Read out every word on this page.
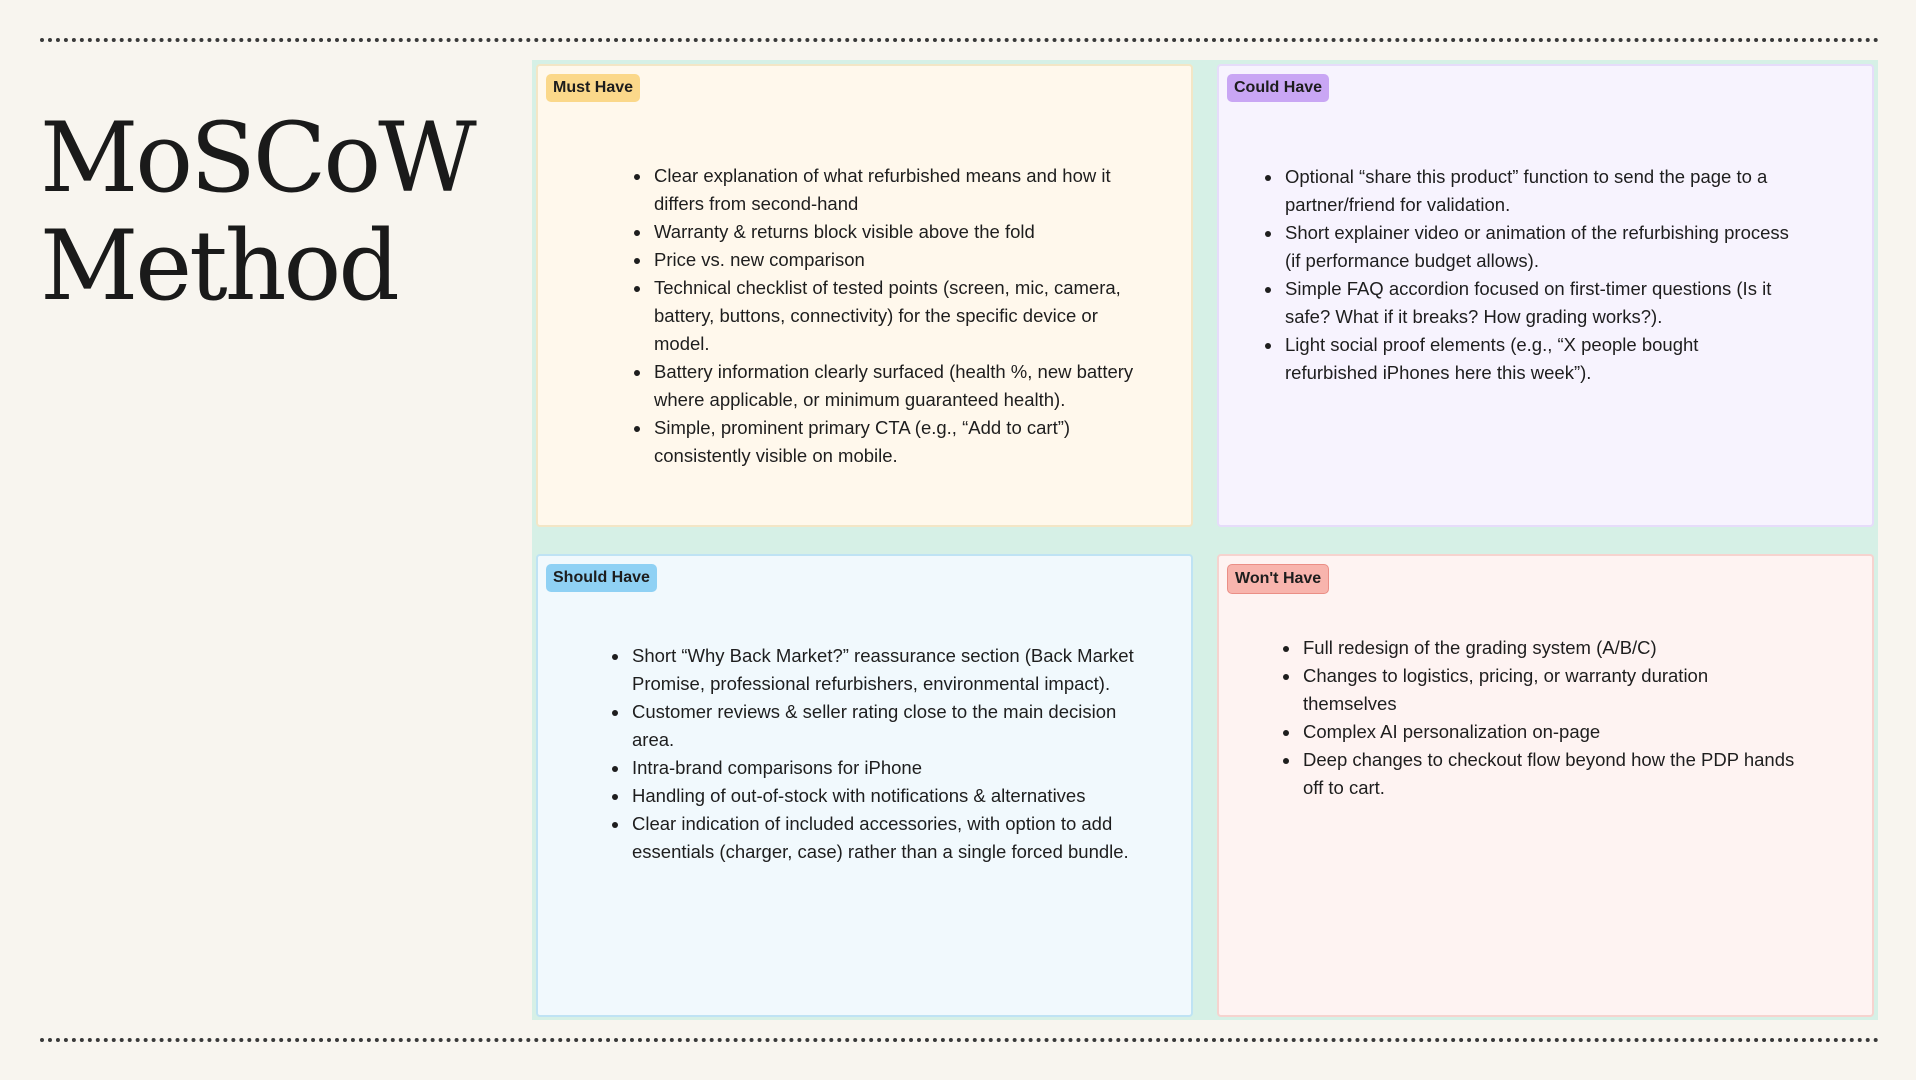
MoSCoW
Method
Must Have
• Clear explanation of what refurbished means and how it differs from second-hand
• Warranty & returns block visible above the fold
• Price vs. new comparison
• Technical checklist of tested points (screen, mic, camera, battery, buttons, connectivity) for the specific device or model.
• Battery information clearly surfaced (health %, new battery where applicable, or minimum guaranteed health).
• Simple, prominent primary CTA (e.g., “Add to cart”) consistently visible on mobile.
Could Have
• Optional “share this product” function to send the page to a partner/friend for validation.
• Short explainer video or animation of the refurbishing process (if performance budget allows).
• Simple FAQ accordion focused on first-timer questions (Is it safe? What if it breaks? How grading works?).
• Light social proof elements (e.g., “X people bought refurbished iPhones here this week”).
Should Have
• Short “Why Back Market?” reassurance section (Back Market Promise, professional refurbishers, environmental impact).
• Customer reviews & seller rating close to the main decision area.
• Intra-brand comparisons for iPhone
• Handling of out-of-stock with notifications & alternatives
• Clear indication of included accessories, with option to add essentials (charger, case) rather than a single forced bundle.
Won't Have
• Full redesign of the grading system (A/B/C)
• Changes to logistics, pricing, or warranty duration themselves
• Complex AI personalization on-page
• Deep changes to checkout flow beyond how the PDP hands off to cart.
